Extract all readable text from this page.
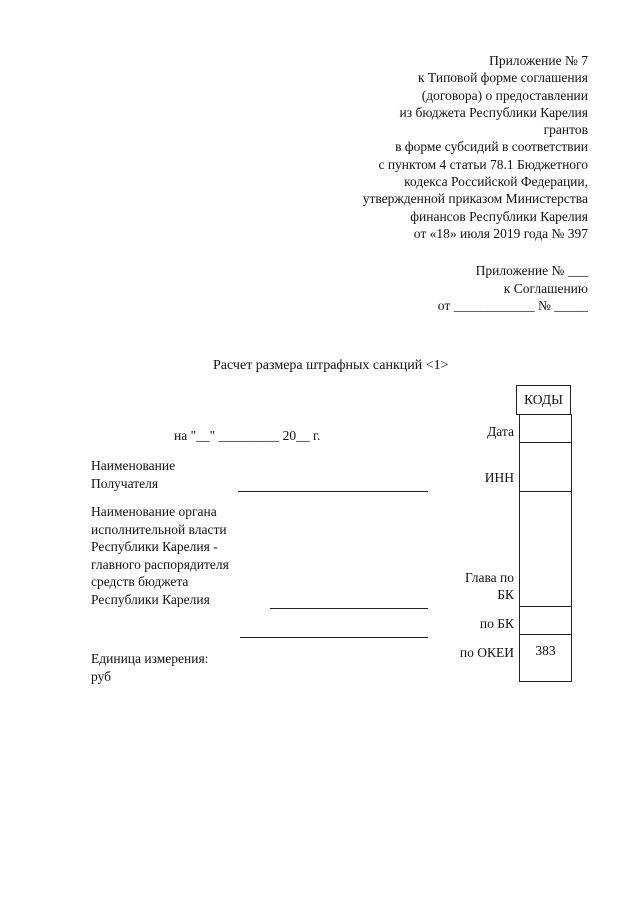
Приложение № 7
к Типовой форме соглашения
(договора) о предоставлении
из бюджета Республики Карелия
грантов
в форме субсидий в соответствии
с пунктом 4 статьи 78.1 Бюджетного
кодекса Российской Федерации,
утвержденной приказом Министерства
финансов Республики Карелия
от «18» июля 2019 года № 397
Приложение № ___
к Соглашению
от ____________ № _____
Расчет размера штрафных санкций <1>
КОДЫ
383
Дата
ИНН
Глава по
БК
по БК
по ОКЕИ
на "__" _________ 20__ г.
Наименование
Получателя
Наименование органа
исполнительной власти
Республики Карелия -
главного распорядителя
средств бюджета
Республики Карелия
Единица измерения:
руб
